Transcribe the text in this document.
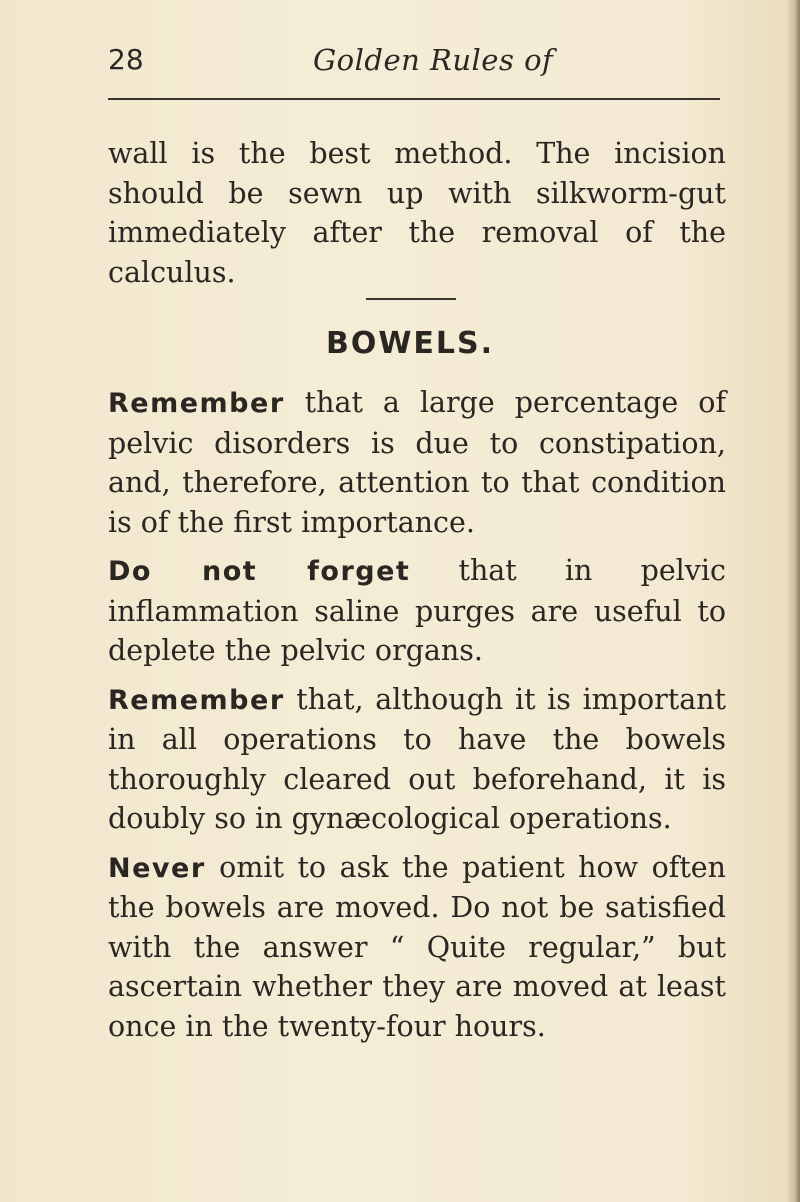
28	Golden Rules of

wall is the best method. The incision should be sewn up with silkworm-gut immediately after the removal of the calculus.

BOWELS.

Remember that a large percentage of pelvic disorders is due to constipation, and, therefore, attention to that condition is of the first importance.

Do not forget that in pelvic inflammation saline purges are useful to deplete the pelvic organs.

Remember that, although it is important in all operations to have the bowels thoroughly cleared out beforehand, it is doubly so in gynæcological operations.

Never omit to ask the patient how often the bowels are moved. Do not be satisfied with the answer “ Quite regular,” but ascertain whether they are moved at least once in the twenty-four hours.
